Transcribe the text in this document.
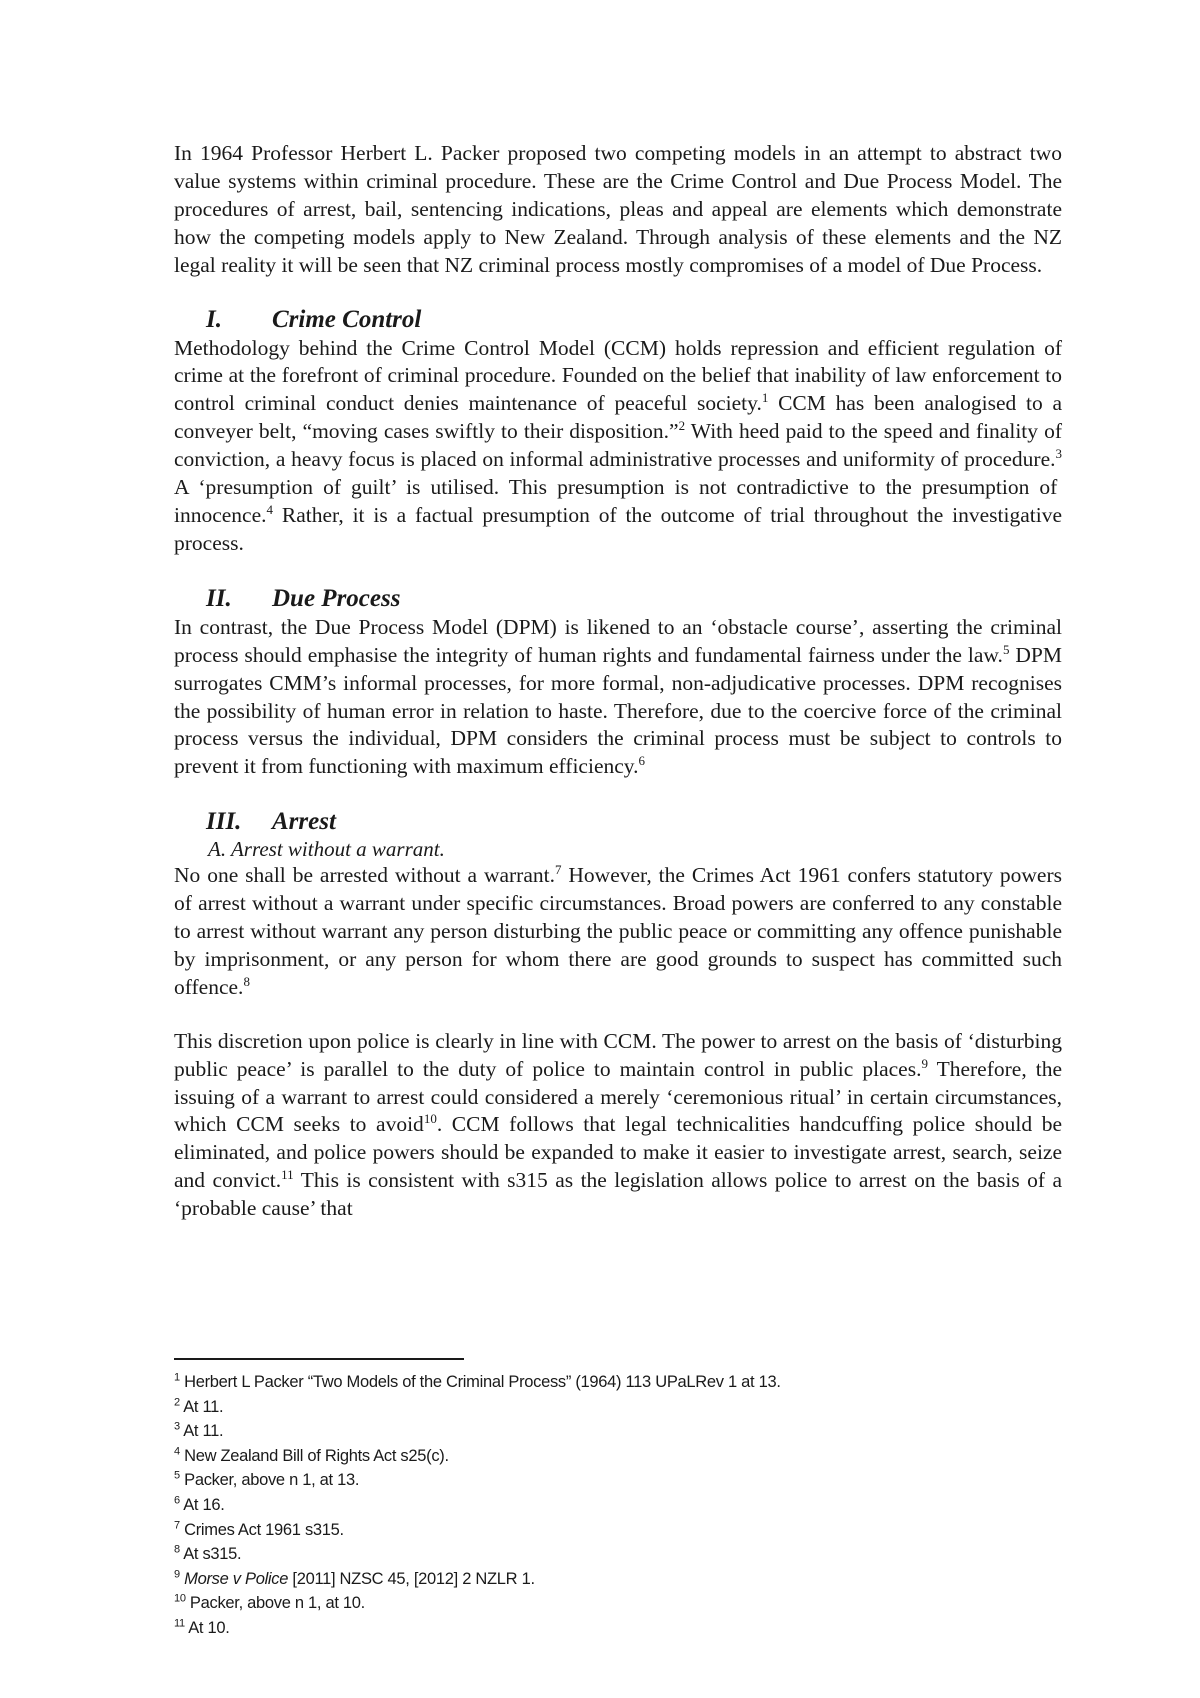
In 1964 Professor Herbert L. Packer proposed two competing models in an attempt to abstract two value systems within criminal procedure. These are the Crime Control and Due Process Model. The procedures of arrest, bail, sentencing indications, pleas and appeal are elements which demonstrate how the competing models apply to New Zealand. Through analysis of these elements and the NZ legal reality it will be seen that NZ criminal process mostly compromises of a model of Due Process.

I.	Crime Control

Methodology behind the Crime Control Model (CCM) holds repression and efficient regulation of crime at the forefront of criminal procedure. Founded on the belief that inability of law enforcement to control criminal conduct denies maintenance of peaceful society.$^1$ CCM has been analogised to a conveyer belt, “moving cases swiftly to their disposition.”$^2$ With heed paid to the speed and finality of conviction, a heavy focus is placed on informal administrative processes and uniformity of procedure.$^3$ A ‘presumption of guilt’ is utilised. This presumption is not contradictive to the presumption of innocence.$^4$ Rather, it is a factual presumption of the outcome of trial throughout the investigative process.

II.	Due Process

In contrast, the Due Process Model (DPM) is likened to an ‘obstacle course’, asserting the criminal process should emphasise the integrity of human rights and fundamental fairness under the law.$^5$ DPM surrogates CMM’s informal processes, for more formal, non-adjudicative processes. DPM recognises the possibility of human error in relation to haste. Therefore, due to the coercive force of the criminal process versus the individual, DPM considers the criminal process must be subject to controls to prevent it from functioning with maximum efficiency.$^6$

III.	Arrest

A. Arrest without a warrant.

No one shall be arrested without a warrant.$^7$ However, the Crimes Act 1961 confers statutory powers of arrest without a warrant under specific circumstances. Broad powers are conferred to any constable to arrest without warrant any person disturbing the public peace or committing any offence punishable by imprisonment, or any person for whom there are good grounds to suspect has committed such offence.$^8$

This discretion upon police is clearly in line with CCM. The power to arrest on the basis of ‘disturbing public peace’ is parallel to the duty of police to maintain control in public places.$^9$ Therefore, the issuing of a warrant to arrest could considered a merely ‘ceremonious ritual’ in certain circumstances, which CCM seeks to avoid$^{10}$. CCM follows that legal technicalities handcuffing police should be eliminated, and police powers should be expanded to make it easier to investigate arrest, search, seize and convict.$^{11}$ This is consistent with s315 as the legislation allows police to arrest on the basis of a ‘probable cause’ that

$^1$ Herbert L Packer “Two Models of the Criminal Process” (1964) 113 UPaLRev 1 at 13.
$^2$ At 11.
$^3$ At 11.
$^4$ New Zealand Bill of Rights Act s25(c).
$^5$ Packer, above n 1, at 13.
$^6$ At 16.
$^7$ Crimes Act 1961 s315.
$^8$ At s315.
$^9$ Morse v Police [2011] NZSC 45, [2012] 2 NZLR 1.
$^{10}$ Packer, above n 1, at 10.
$^{11}$ At 10.
